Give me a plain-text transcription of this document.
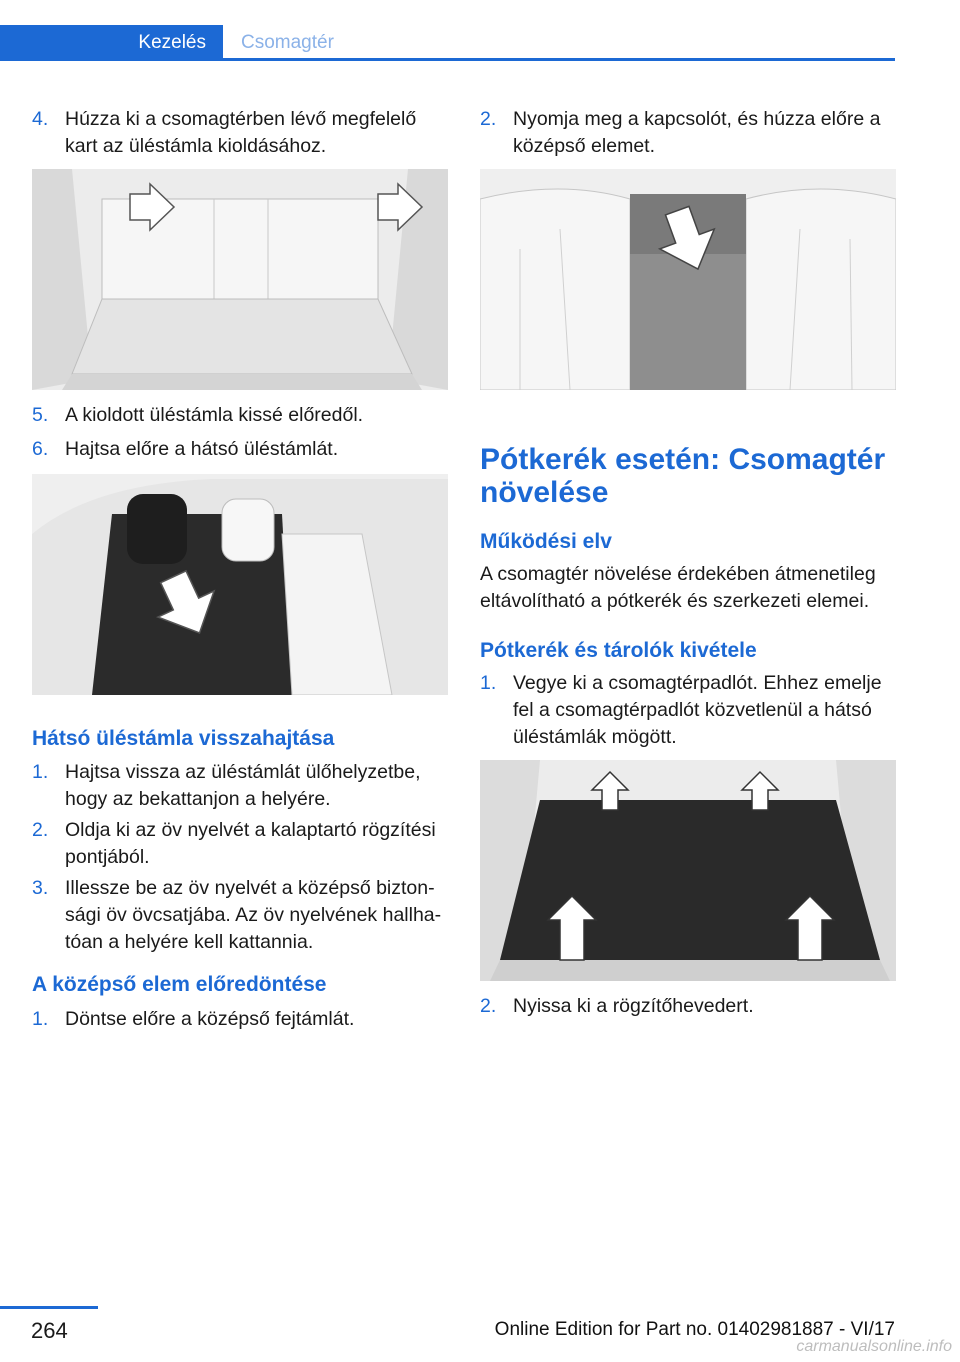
Kezelés	Csomagtér
4. Húzza ki a csomagtérben lévő megfelelő kart az üléstámla kioldásához.
5. A kioldott üléstámla kissé előredől.
6. Hajtsa előre a hátsó üléstámlát.
Hátsó üléstámla visszahajtása
1. Hajtsa vissza az üléstámlát ülőhelyzetbe, hogy az bekattanjon a helyére.
2. Oldja ki az öv nyelvét a kalaptartó rögzítési pontjából.
3. Illessze be az öv nyelvét a középső biztonsági öv övcsatjába. Az öv nyelvének hallhatóan a helyére kell kattannia.
A középső elem előredöntése
1. Döntse előre a középső fejtámlát.
2. Nyomja meg a kapcsolót, és húzza előre a középső elemet.
Pótkerék esetén: Csomagtér növelése
Működési elv
A csomagtér növelése érdekében átmenetileg eltávolítható a pótkerék és szerkezeti elemei.
Pótkerék és tárolók kivétele
1. Vegye ki a csomagtérpadlót. Ehhez emelje fel a csomagtérpadlót közvetlenül a hátsó üléstámlák mögött.
2. Nyissa ki a rögzítőhevedert.
264	Online Edition for Part no. 01402981887 - VI/17
carmanualsonline.info
